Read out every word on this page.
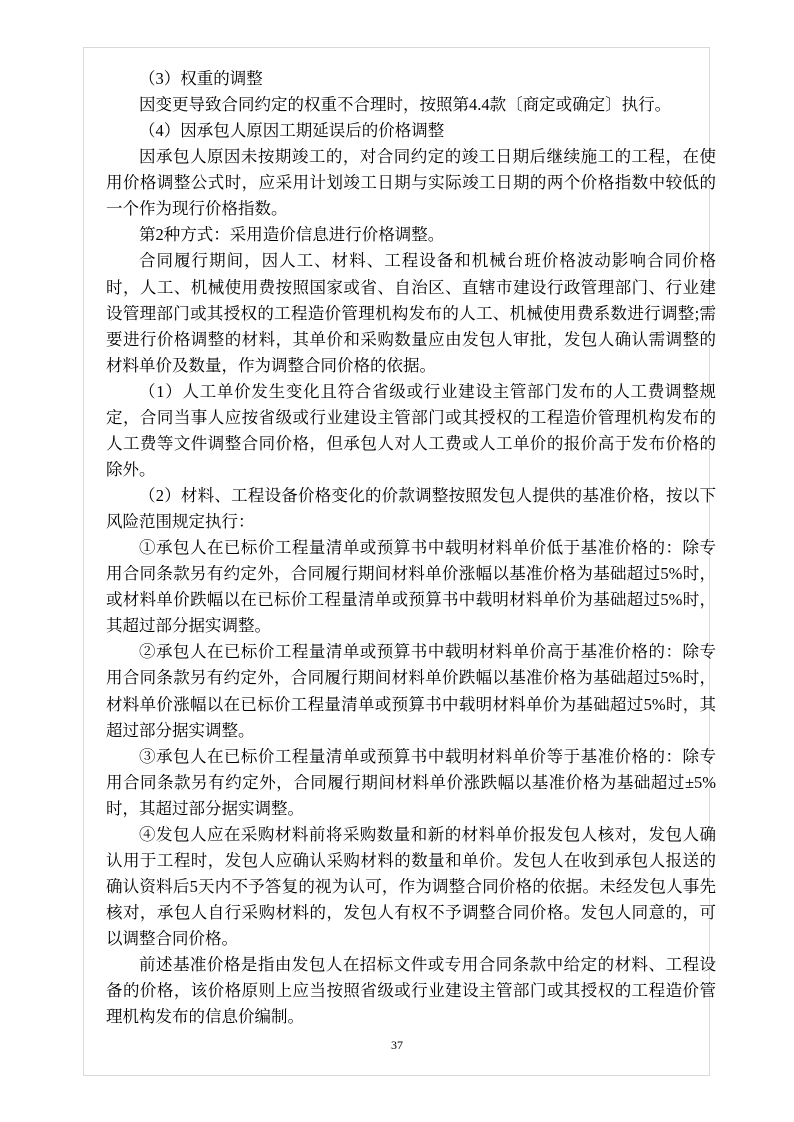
（3）权重的调整

因变更导致合同约定的权重不合理时，按照第4.4款〔商定或确定〕执行。

（4）因承包人原因工期延误后的价格调整

因承包人原因未按期竣工的，对合同约定的竣工日期后继续施工的工程，在使用价格调整公式时，应采用计划竣工日期与实际竣工日期的两个价格指数中较低的一个作为现行价格指数。

第2种方式：采用造价信息进行价格调整。

合同履行期间，因人工、材料、工程设备和机械台班价格波动影响合同价格时，人工、机械使用费按照国家或省、自治区、直辖市建设行政管理部门、行业建设管理部门或其授权的工程造价管理机构发布的人工、机械使用费系数进行调整;需要进行价格调整的材料，其单价和采购数量应由发包人审批，发包人确认需调整的材料单价及数量，作为调整合同价格的依据。

（1）人工单价发生变化且符合省级或行业建设主管部门发布的人工费调整规定，合同当事人应按省级或行业建设主管部门或其授权的工程造价管理机构发布的人工费等文件调整合同价格，但承包人对人工费或人工单价的报价高于发布价格的除外。

（2）材料、工程设备价格变化的价款调整按照发包人提供的基准价格，按以下风险范围规定执行：

①承包人在已标价工程量清单或预算书中载明材料单价低于基准价格的：除专用合同条款另有约定外，合同履行期间材料单价涨幅以基准价格为基础超过5%时，或材料单价跌幅以在已标价工程量清单或预算书中载明材料单价为基础超过5%时，其超过部分据实调整。

②承包人在已标价工程量清单或预算书中载明材料单价高于基准价格的：除专用合同条款另有约定外，合同履行期间材料单价跌幅以基准价格为基础超过5%时，材料单价涨幅以在已标价工程量清单或预算书中载明材料单价为基础超过5%时，其超过部分据实调整。

③承包人在已标价工程量清单或预算书中载明材料单价等于基准价格的：除专用合同条款另有约定外，合同履行期间材料单价涨跌幅以基准价格为基础超过±5%时，其超过部分据实调整。

④发包人应在采购材料前将采购数量和新的材料单价报发包人核对，发包人确认用于工程时，发包人应确认采购材料的数量和单价。发包人在收到承包人报送的确认资料后5天内不予答复的视为认可，作为调整合同价格的依据。未经发包人事先核对，承包人自行采购材料的，发包人有权不予调整合同价格。发包人同意的，可以调整合同价格。

前述基准价格是指由发包人在招标文件或专用合同条款中给定的材料、工程设备的价格，该价格原则上应当按照省级或行业建设主管部门或其授权的工程造价管理机构发布的信息价编制。

37
